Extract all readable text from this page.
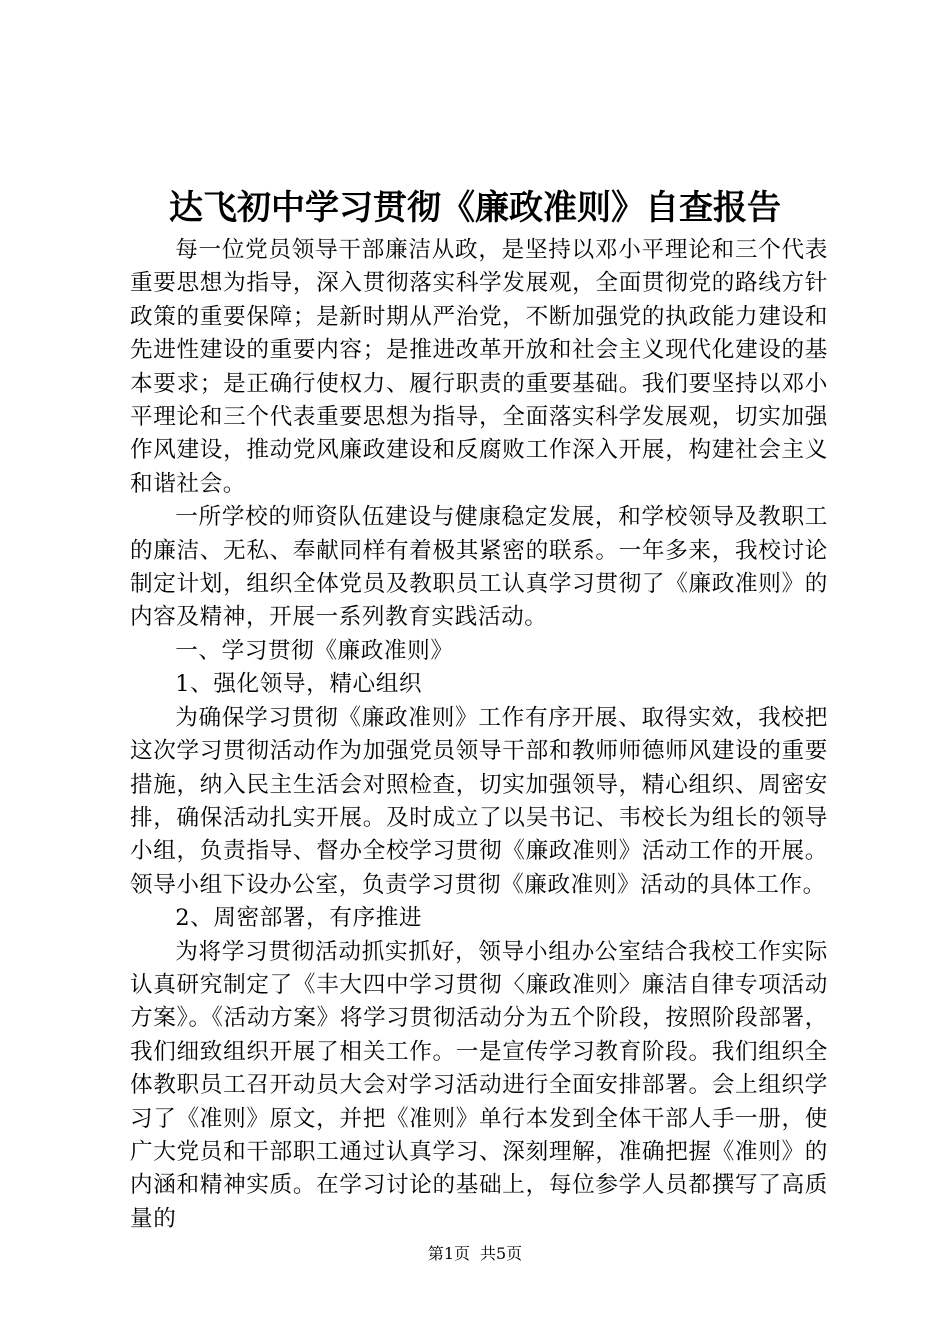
达飞初中学习贯彻《廉政准则》自查报告

每一位党员领导干部廉洁从政，是坚持以邓小平理论和三个代表重要思想为指导，深入贯彻落实科学发展观，全面贯彻党的路线方针政策的重要保障；是新时期从严治党，不断加强党的执政能力建设和先进性建设的重要内容；是推进改革开放和社会主义现代化建设的基本要求；是正确行使权力、履行职责的重要基础。我们要坚持以邓小平理论和三个代表重要思想为指导，全面落实科学发展观，切实加强作风建设，推动党风廉政建设和反腐败工作深入开展，构建社会主义和谐社会。

一所学校的师资队伍建设与健康稳定发展，和学校领导及教职工的廉洁、无私、奉献同样有着极其紧密的联系。一年多来，我校讨论制定计划，组织全体党员及教职员工认真学习贯彻了《廉政准则》的内容及精神，开展一系列教育实践活动。

一、学习贯彻《廉政准则》

1、强化领导，精心组织

为确保学习贯彻《廉政准则》工作有序开展、取得实效，我校把这次学习贯彻活动作为加强党员领导干部和教师师德师风建设的重要措施，纳入民主生活会对照检查，切实加强领导，精心组织、周密安排，确保活动扎实开展。及时成立了以吴书记、韦校长为组长的领导小组，负责指导、督办全校学习贯彻《廉政准则》活动工作的开展。领导小组下设办公室，负责学习贯彻《廉政准则》活动的具体工作。

2、周密部署，有序推进

为将学习贯彻活动抓实抓好，领导小组办公室结合我校工作实际认真研究制定了《丰大四中学习贯彻〈廉政准则〉廉洁自律专项活动方案》。《活动方案》将学习贯彻活动分为五个阶段，按照阶段部署，我们细致组织开展了相关工作。一是宣传学习教育阶段。我们组织全体教职员工召开动员大会对学习活动进行全面安排部署。会上组织学习了《准则》原文，并把《准则》单行本发到全体干部人手一册，使广大党员和干部职工通过认真学习、深刻理解，准确把握《准则》的内涵和精神实质。在学习讨论的基础上，每位参学人员都撰写了高质量的

第1页 共5页
